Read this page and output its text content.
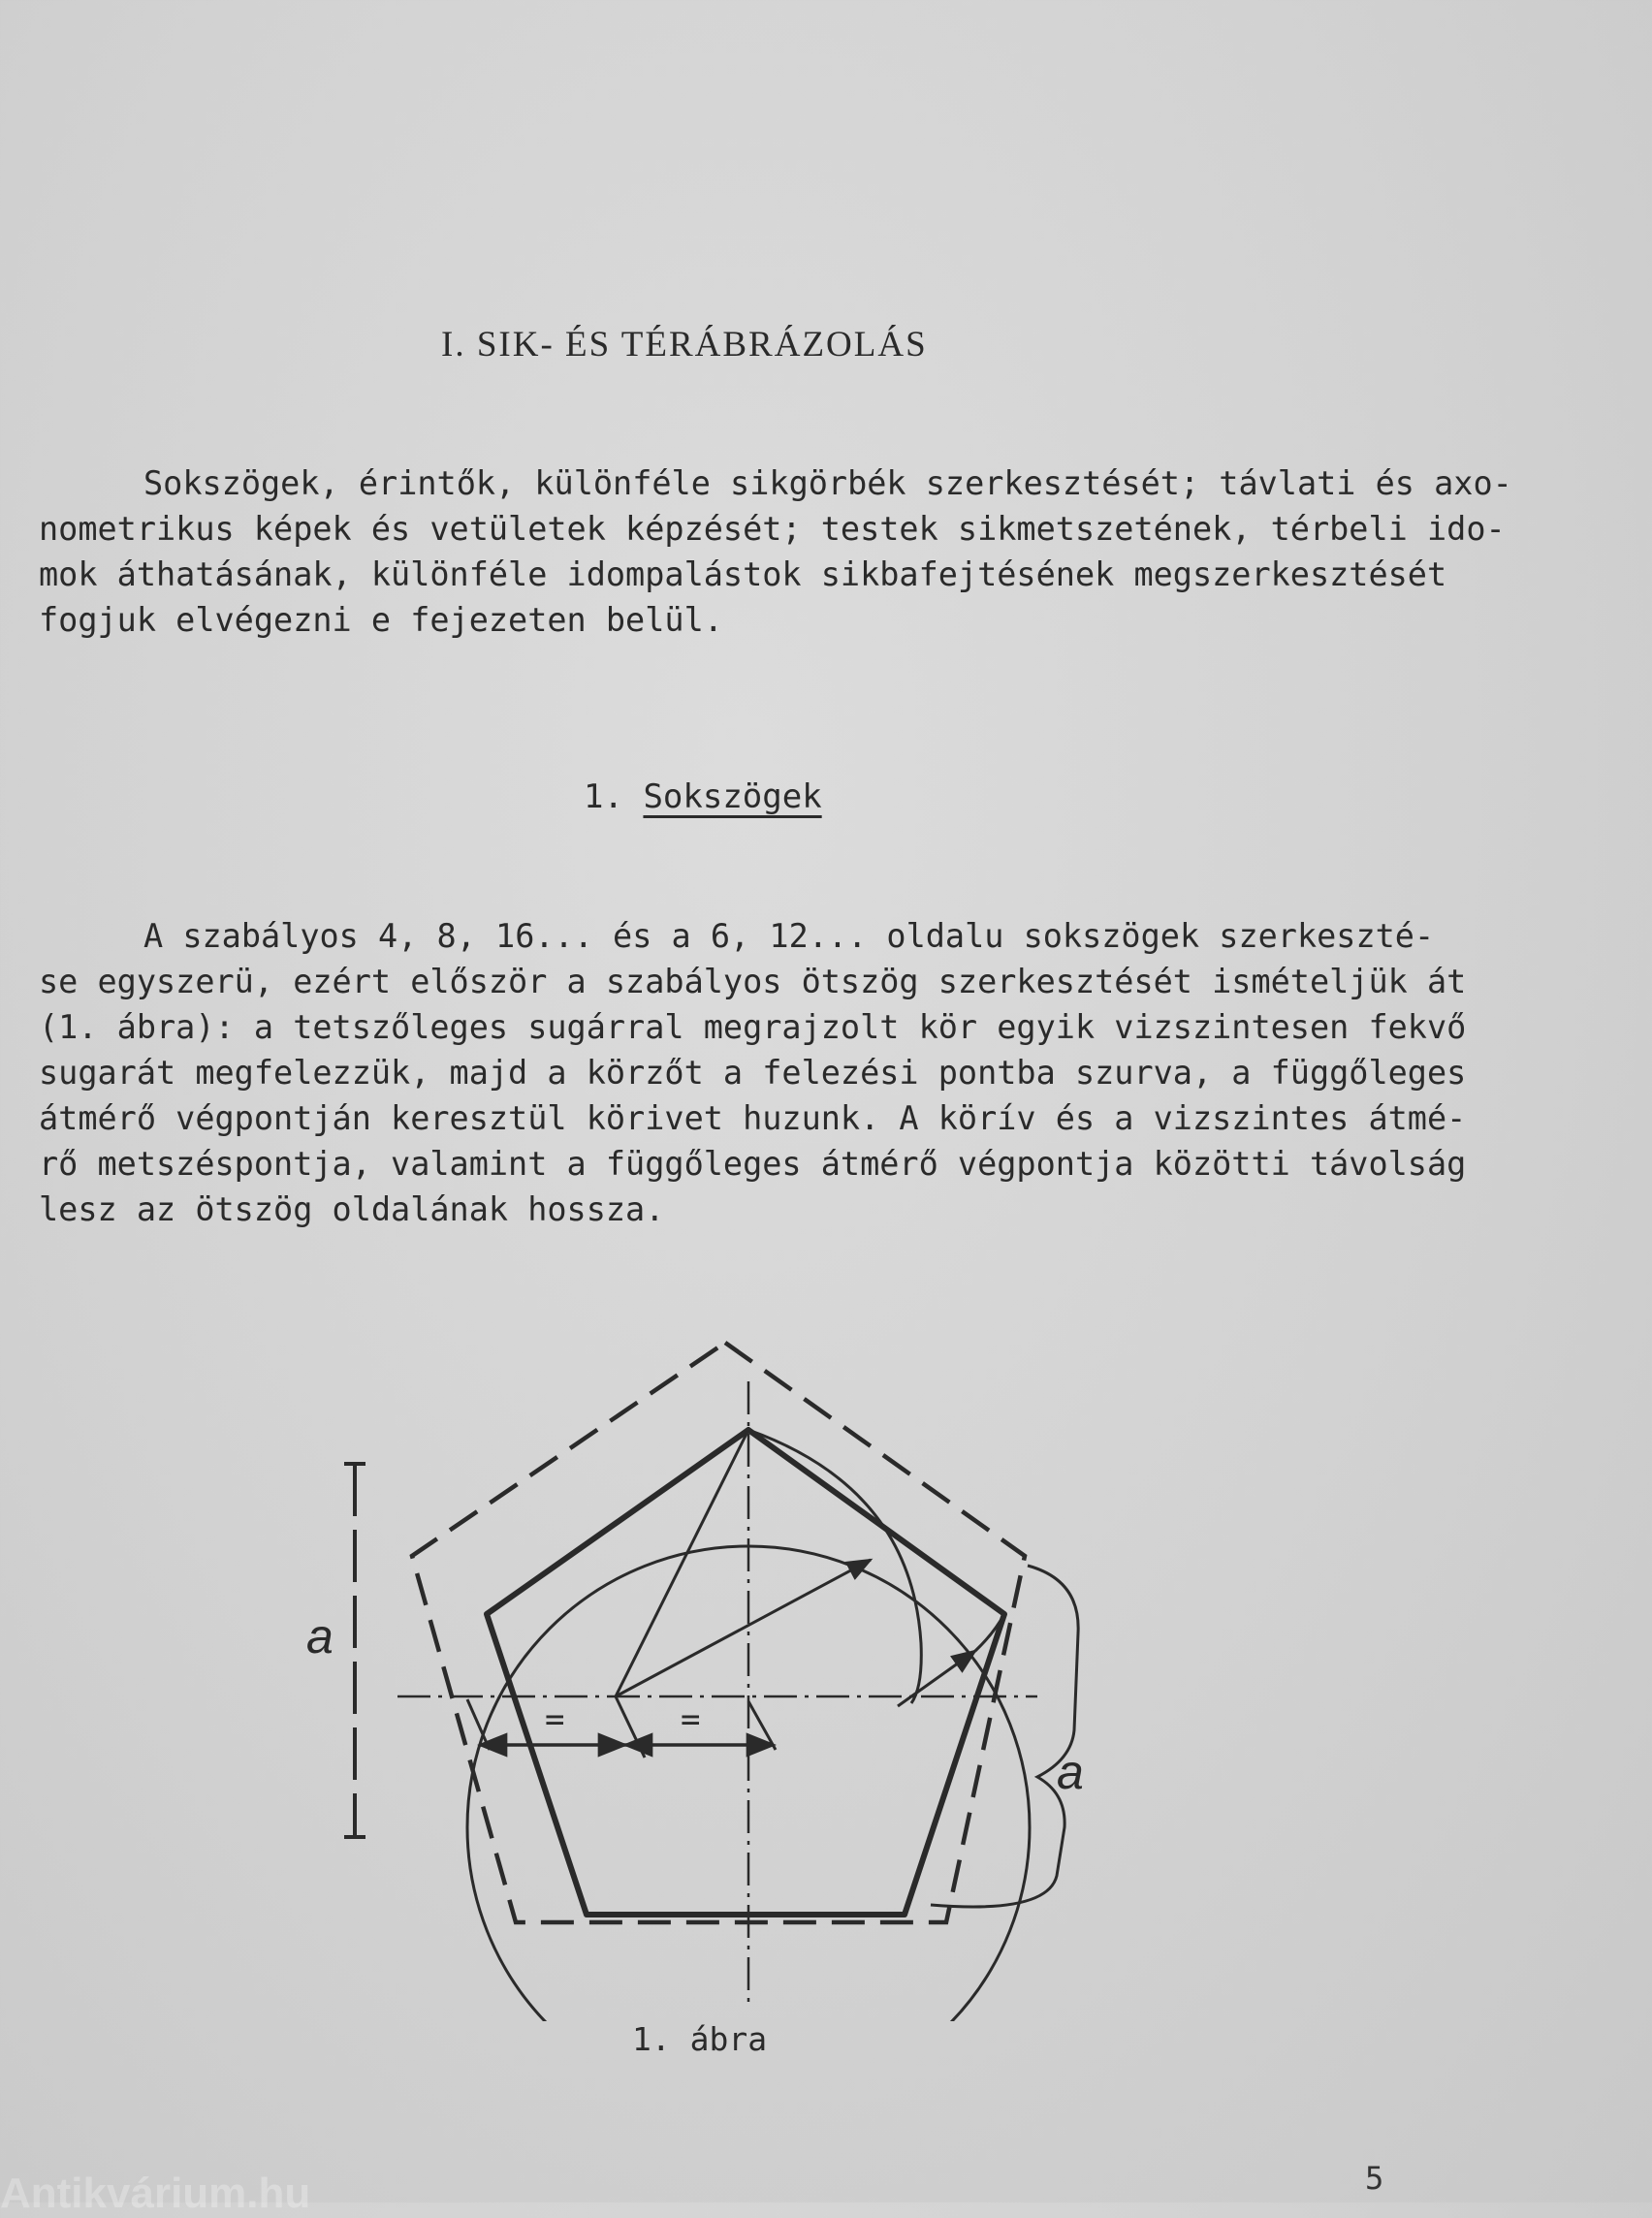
I. SIK- ÉS TÉRÁBRÁZOLÁS

Sokszögek, érintők, különféle sikgörbék szerkesztését; távlati és axo-
nometrikus képek és vetületek képzését; testek sikmetszetének, térbeli ido-
mok áthatásának, különféle idompalástok sikbafejtésének megszerkesztését
fogjuk elvégezni e fejezeten belül.

1. Sokszögek

A szabályos 4, 8, 16... és a 6, 12... oldalu sokszögek szerkeszté-
se egyszerü, ezért először a szabályos ötszög szerkesztését ismételjük át
(1. ábra): a tetszőleges sugárral megrajzolt kör egyik vizszintesen fekvő
sugarát megfelezzük, majd a körzőt a felezési pontba szurva, a függőleges
átmérő végpontján keresztül körivet huzunk. A körív és a vizszintes átmé-
rő metszéspontja, valamint a függőleges átmérő végpontja közötti távolság
lesz az ötszög oldalának hossza.

=	=
a
a

1. ábra

5

Antikvárium.hu
